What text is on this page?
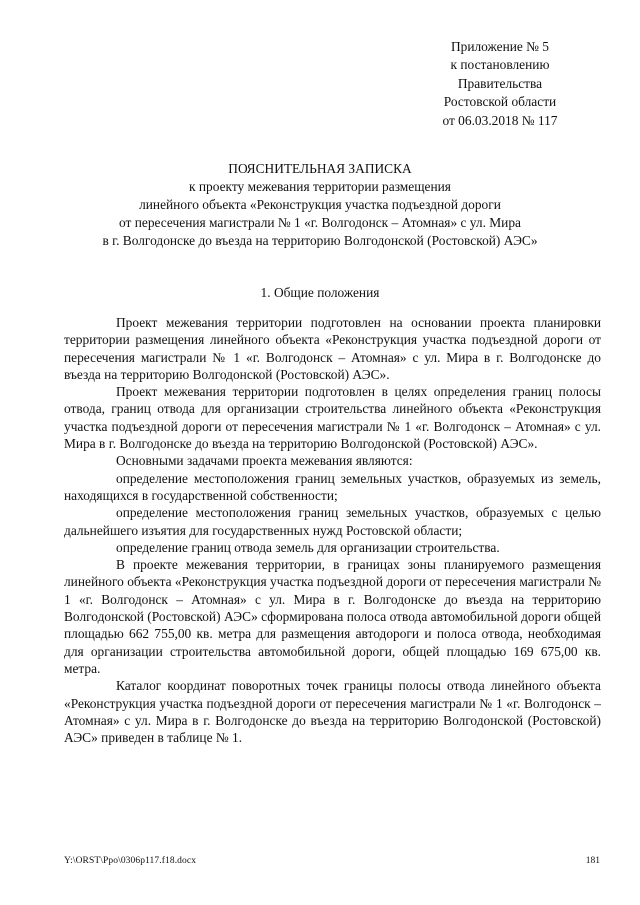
Приложение № 5
к постановлению
Правительства
Ростовской области
от 06.03.2018 № 117
ПОЯСНИТЕЛЬНАЯ ЗАПИСКА
к проекту межевания территории размещения
линейного объекта «Реконструкция участка подъездной дороги
от пересечения магистрали № 1 «г. Волгодонск – Атомная» с ул. Мира
в г. Волгодонске до въезда на территорию Волгодонской (Ростовской) АЭС»
1. Общие положения

Проект межевания территории подготовлен на основании проекта планировки территории размещения линейного объекта «Реконструкция участка подъездной дороги от пересечения магистрали № 1 «г. Волгодонск – Атомная» с ул. Мира в г. Волгодонске до въезда на территорию Волгодонской (Ростовской) АЭС».

Проект межевания территории подготовлен в целях определения границ полосы отвода, границ отвода для организации строительства линейного объекта «Реконструкция участка подъездной дороги от пересечения магистрали № 1 «г. Волгодонск – Атомная» с ул. Мира в г. Волгодонске до въезда на территорию Волгодонской (Ростовской) АЭС».

Основными задачами проекта межевания являются:

определение местоположения границ земельных участков, образуемых из земель, находящихся в государственной собственности;

определение местоположения границ земельных участков, образуемых с целью дальнейшего изъятия для государственных нужд Ростовской области;

определение границ отвода земель для организации строительства.

В проекте межевания территории, в границах зоны планируемого размещения линейного объекта «Реконструкция участка подъездной дороги от пересечения магистрали № 1 «г. Волгодонск – Атомная» с ул. Мира в г. Волгодонске до въезда на территорию Волгодонской (Ростовской) АЭС» сформирована полоса отвода автомобильной дороги общей площадью 662 755,00 кв. метра для размещения автодороги и полоса отвода, необходимая для организации строительства автомобильной дороги, общей площадью 169 675,00 кв. метра.

Каталог координат поворотных точек границы полосы отвода линейного объекта «Реконструкция участка подъездной дороги от пересечения магистрали № 1 «г. Волгодонск – Атомная» с ул. Мира в г. Волгодонске до въезда на территорию Волгодонской (Ростовской) АЭС» приведен в таблице № 1.

Y:\ORST\Ppo\0306p117.f18.docx	181
